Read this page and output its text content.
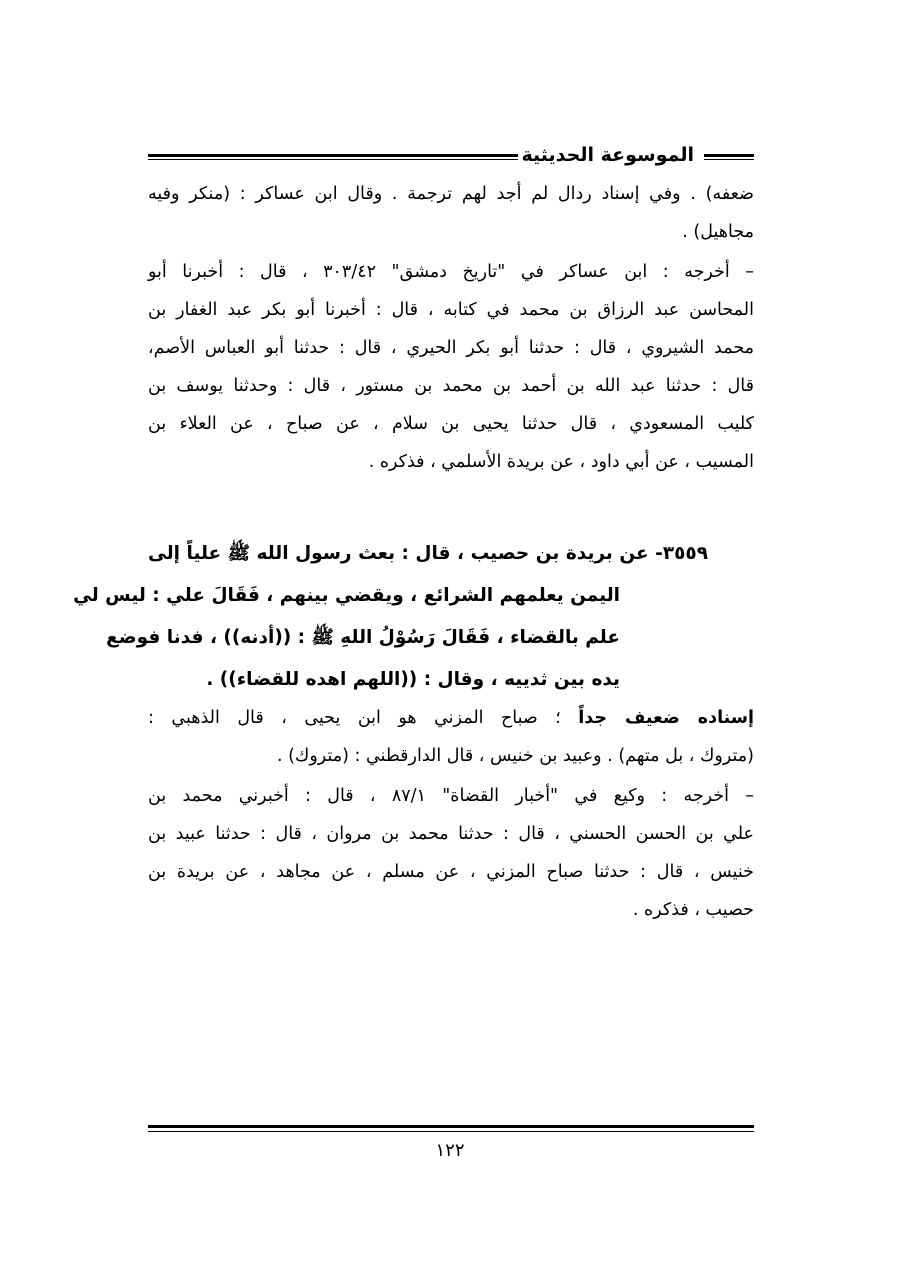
الموسوعة الحديثية
ضعفه) . وفي إسناد ردال لم أجد لهم ترجمة . وقال ابن عساكر : (منكر وفيه
مجاهيل) .
– أخرجه : ابن عساكر في "تاريخ دمشق" ٣٠٣/٤٢ ، قال : أخبرنا أبو
المحاسن عبد الرزاق بن محمد في كتابه ، قال : أخبرنا أبو بكر عبد الغفار بن
محمد الشيروي ، قال : حدثنا أبو بكر الحيري ، قال : حدثنا أبو العباس الأصم،
قال : حدثنا عبد الله بن أحمد بن محمد بن مستور ، قال : وحدثنا يوسف بن
كليب المسعودي ، قال حدثنا يحيى بن سلام ، عن صباح ، عن العلاء بن
المسيب ، عن أبي داود ، عن بريدة الأسلمي ، فذكره .
٣٥٥٩- عن بريدة بن حصيب ، قال : بعث رسول الله ﷺ علياً إلى
اليمن يعلمهم الشرائع ، ويقضي بينهم ، فَقَالَ علي : ليس لي
علم بالقضاء ، فَقَالَ رَسُوْلُ اللهِ ﷺ : ((أدنه)) ، فدنا فوضع
يده بين ثدييه ، وقال : ((اللهم اهده للقضاء)) .
إسناده ضعيف جداً ؛ صباح المزني هو ابن يحيى ، قال الذهبي :
(متروك ، بل متهم) . وعبيد بن خنيس ، قال الدارقطني : (متروك) .
– أخرجه : وكيع في "أخبار القضاة" ٨٧/١ ، قال : أخبرني محمد بن
علي بن الحسن الحسني ، قال : حدثنا محمد بن مروان ، قال : حدثنا عبيد بن
خنيس ، قال : حدثنا صباح المزني ، عن مسلم ، عن مجاهد ، عن بريدة بن
حصيب ، فذكره .
١٢٢
